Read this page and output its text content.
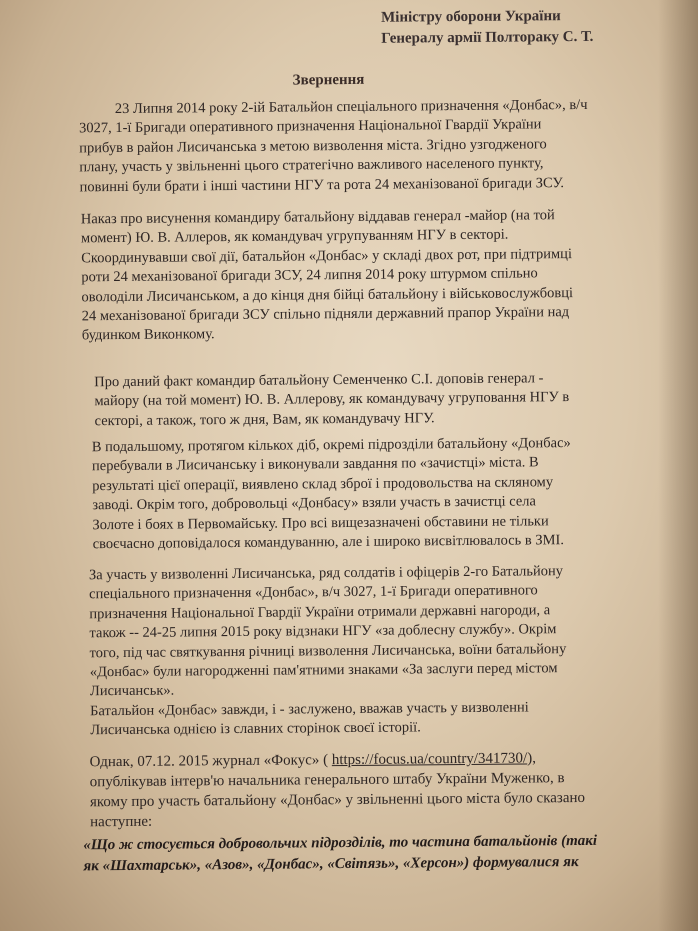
Міністру оборони України
Генералу армії Полтораку С. Т.
Звернення
23 Липня 2014 року 2-ій Батальйон спеціального призначення «Донбас», в/ч
3027, 1-ї Бригади оперативного призначення Національної Гвардії України
прибув в район Лисичанська з метою визволення міста. Згідно узгодженого
плану, участь у звільненні цього стратегічно важливого населеного пункту,
повинні були брати і інші частини НГУ та рота 24 механізованої бригади ЗСУ.
Наказ про висунення командиру батальйону віддавав генерал -майор (на той
момент) Ю. В. Аллеров, як командувач угрупуванням НГУ в секторі.
Скоординувавши свої дії, батальйон «Донбас» у складі двох рот, при підтримці
роти 24 механізованої бригади ЗСУ, 24 липня 2014 року штурмом спільно
оволоділи Лисичанськом, а до кінця дня бійці батальйону і військовослужбовці
24 механізованої бригади ЗСУ спільно підняли державний прапор України над
будинком Виконкому.
Про даний факт командир батальйону Семенченко С.І. доповів генерал -
майору (на той момент) Ю. В. Аллерову, як командувачу угруповання НГУ в
секторі, а також, того ж дня, Вам, як командувачу НГУ.
В подальшому, протягом кількох діб, окремі підрозділи батальйону «Донбас»
перебували в Лисичанську і виконували завдання по «зачистці» міста. В
результаті цієї операції, виявлено склад зброї і продовольства на скляному
заводі. Окрім того, добровольці «Донбасу» взяли участь в зачистці села
Золоте і боях в Первомайську. Про всі вищезазначені обставини не тільки
своєчасно доповідалося командуванню, але і широко висвітлювалось в ЗМІ.
За участь у визволенні Лисичанська, ряд солдатів і офіцерів 2-го Батальйону
спеціального призначення «Донбас», в/ч 3027, 1-ї Бригади оперативного
призначення Національної Гвардії України отримали державні нагороди, а
також -- 24-25 липня 2015 року відзнаки НГУ «за доблесну службу». Окрім
того, під час святкування річниці визволення Лисичанська, воїни батальйону
«Донбас» були нагородженні пам'ятними знаками «За заслуги перед містом
Лисичанськ».
Батальйон «Донбас» завжди, і - заслужено, вважав участь у визволенні
Лисичанська однією із славних сторінок своєї історії.
Однак, 07.12. 2015 журнал «Фокус» ( https://focus.ua/country/341730/),
опублікував інтерв'ю начальника генерального штабу України Муженко, в
якому про участь батальйону «Донбас» у звільненні цього міста було сказано
наступне:
«Що ж стосується добровольчих підрозділів, то частина батальйонів (такі
як «Шахтарськ», «Азов», «Донбас», «Світязь», «Херсон») формувалися як
